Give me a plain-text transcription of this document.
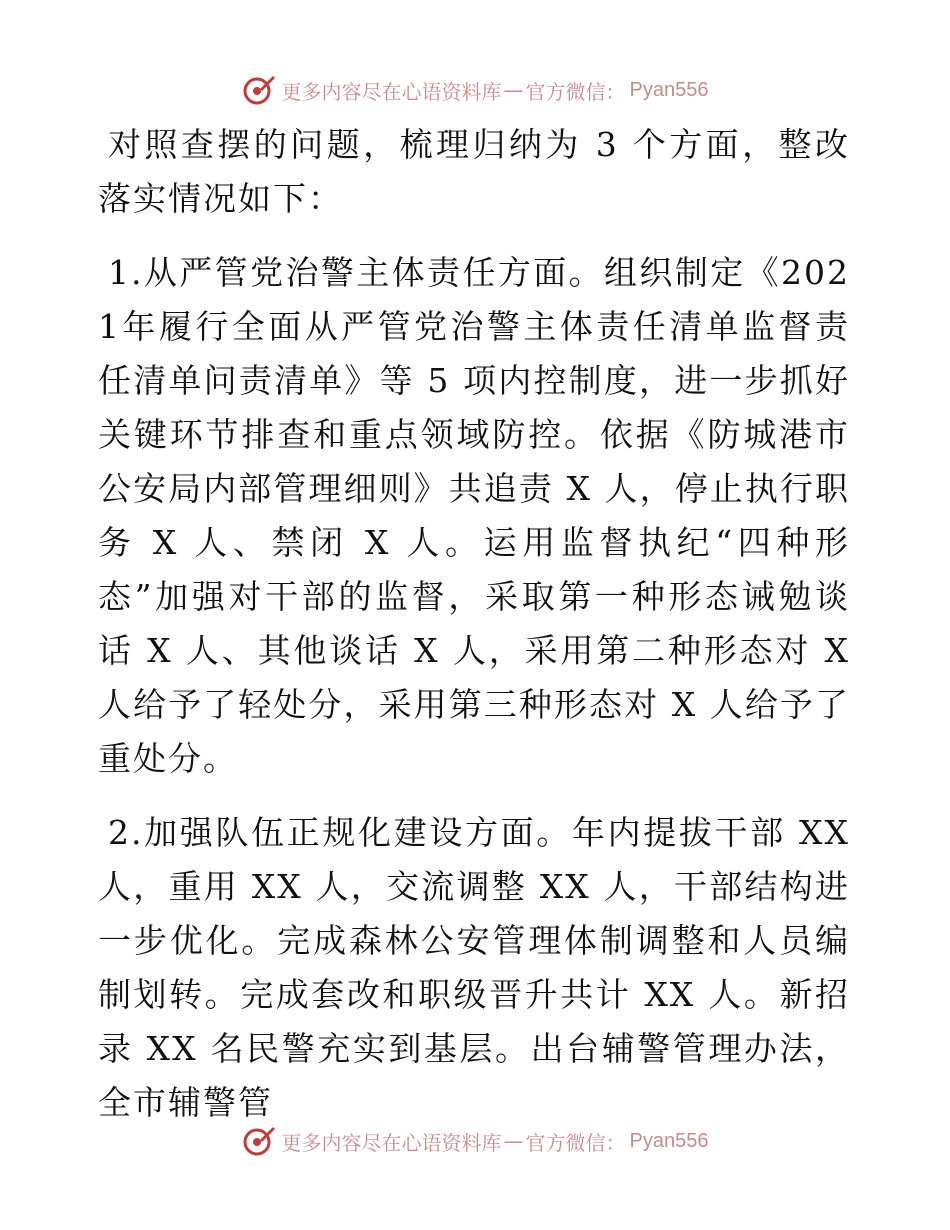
更多内容尽在心语资料库 — 官方微信： Pyan556

对照查摆的问题，梳理归纳为 3 个方面，整改落实情况如下：

1.从严管党治警主体责任方面。组织制定《2021年履行全面从严管党治警主体责任清单监督责任清单问责清单》等 5 项内控制度，进一步抓好关键环节排查和重点领域防控。依据《防城港市公安局内部管理细则》共追责 X 人，停止执行职务 X 人、禁闭 X 人。运用监督执纪“四种形态”加强对干部的监督，采取第一种形态诫勉谈话 X 人、其他谈话 X 人，采用第二种形态对 X 人给予了轻处分，采用第三种形态对 X 人给予了重处分。

2.加强队伍正规化建设方面。年内提拔干部 XX 人，重用 XX 人，交流调整 XX 人，干部结构进一步优化。完成森林公安管理体制调整和人员编制划转。完成套改和职级晋升共计 XX 人。新招录 XX 名民警充实到基层。出台辅警管理办法，全市辅警管

更多内容尽在心语资料库 — 官方微信： Pyan556
